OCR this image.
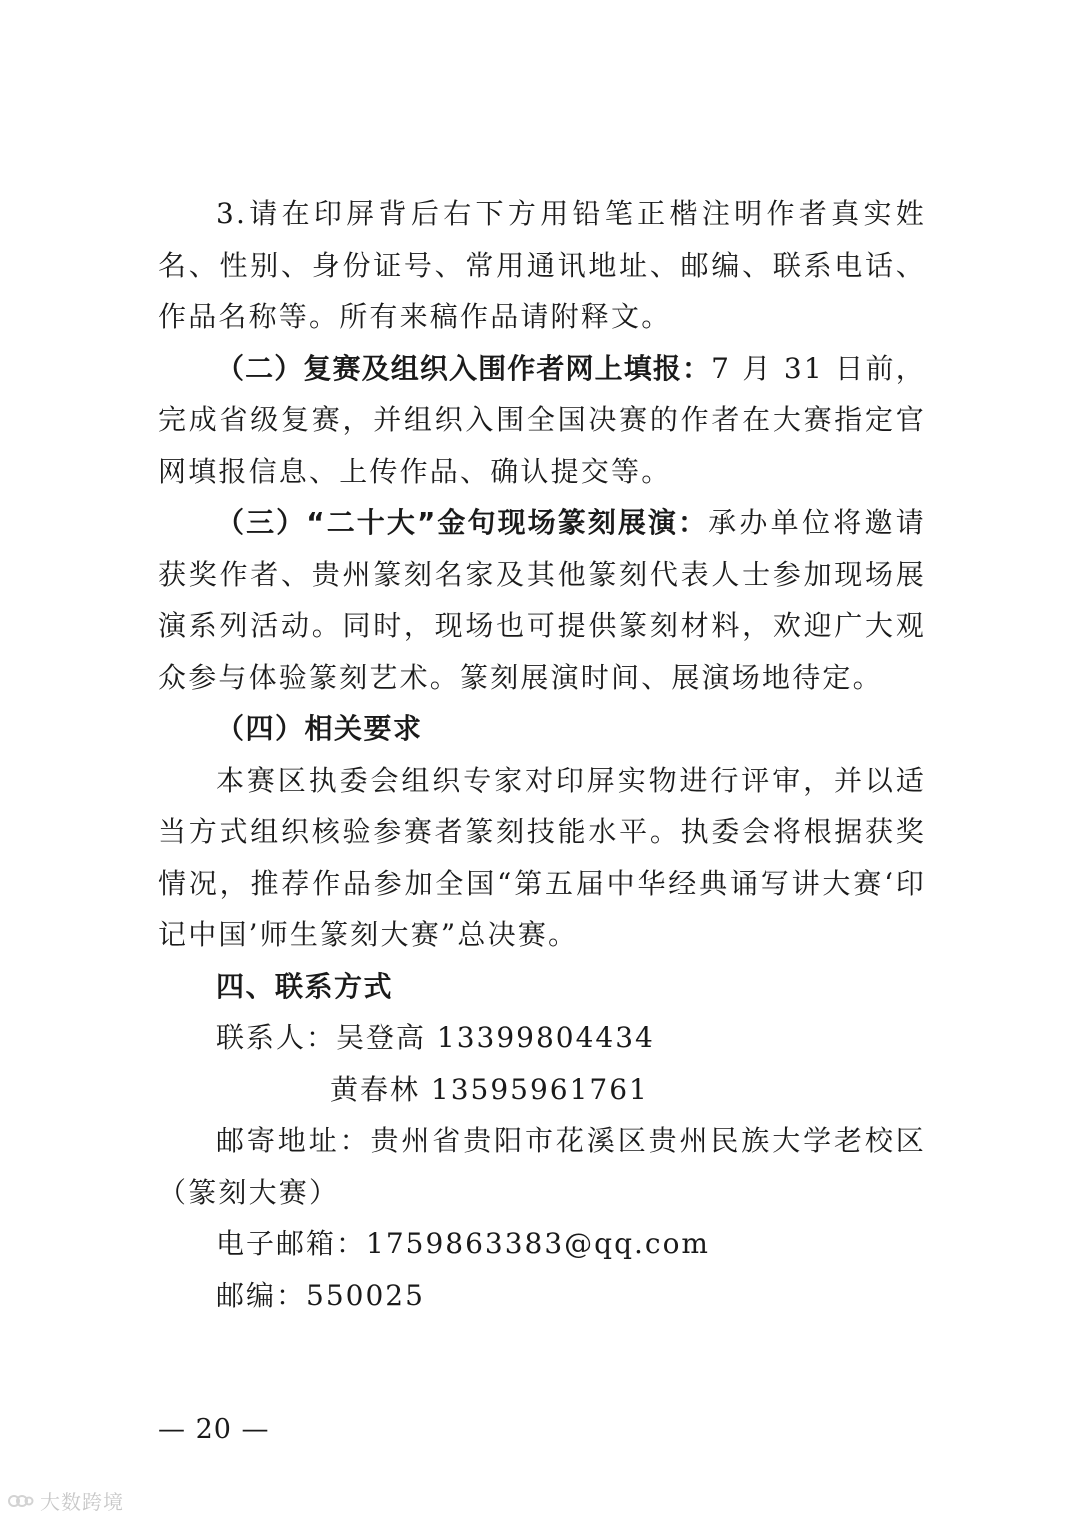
3.请在印屏背后右下方用铅笔正楷注明作者真实姓名、性别、身份证号、常用通讯地址、邮编、联系电话、作品名称等。所有来稿作品请附释文。

（二）复赛及组织入围作者网上填报：7 月 31 日前，完成省级复赛，并组织入围全国决赛的作者在大赛指定官网填报信息、上传作品、确认提交等。

（三）“二十大”金句现场篆刻展演：承办单位将邀请获奖作者、贵州篆刻名家及其他篆刻代表人士参加现场展演系列活动。同时，现场也可提供篆刻材料，欢迎广大观众参与体验篆刻艺术。篆刻展演时间、展演场地待定。

（四）相关要求

本赛区执委会组织专家对印屏实物进行评审，并以适当方式组织核验参赛者篆刻技能水平。执委会将根据获奖情况，推荐作品参加全国“第五届中华经典诵写讲大赛‘印记中国’师生篆刻大赛”总决赛。

四、联系方式

联系人：吴登高 13399804434

黄春林 13595961761

邮寄地址：贵州省贵阳市花溪区贵州民族大学老校区（篆刻大赛）

电子邮箱：1759863383@qq.com

邮编：550025

— 20 —
大数跨境
